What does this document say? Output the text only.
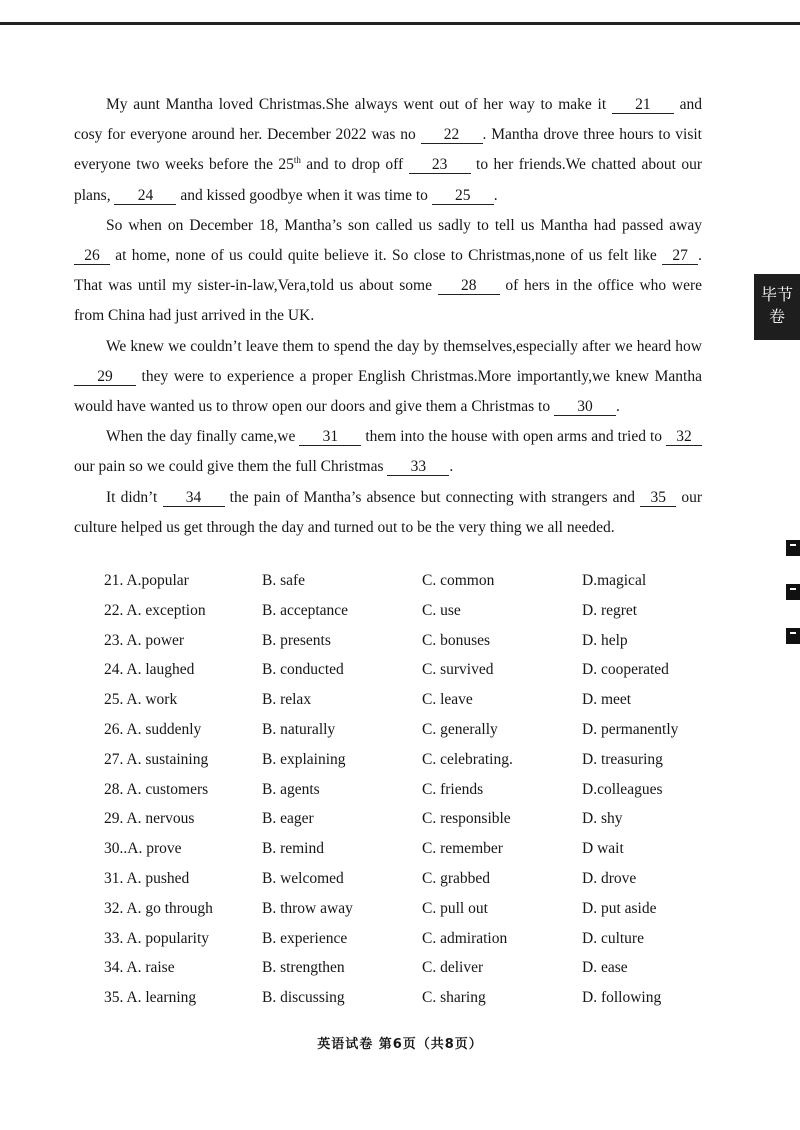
My aunt Mantha loved Christmas.She always went out of her way to make it 21 and cosy for everyone around her. December 2022 was no 22 . Mantha drove three hours to visit everyone two weeks before the 25th and to drop off 23 to her friends.We chatted about our plans, 24 and kissed goodbye when it was time to 25 .

So when on December 18, Mantha’s son called us sadly to tell us Mantha had passed away 26 at home, none of us could quite believe it. So close to Christmas,none of us felt like 27 . That was until my sister-in-law,Vera,told us about some 28 of hers in the office who were from China had just arrived in the UK.

We knew we couldn’t leave them to spend the day by themselves,especially after we heard how 29 they were to experience a proper English Christmas.More importantly,we knew Mantha would have wanted us to throw open our doors and give them a Christmas to 30 .

When the day finally came,we 31 them into the house with open arms and tried to 32 our pain so we could give them the full Christmas 33 .

It didn’t 34 the pain of Mantha’s absence but connecting with strangers and 35 our culture helped us get through the day and turned out to be the very thing we all needed.

21. A.popular	B. safe	C. common	D.magical
22. A. exception	B. acceptance	C. use	D. regret
23. A. power	B. presents	C. bonuses	D. help
24. A. laughed	B. conducted	C. survived	D. cooperated
25. A. work	B. relax	C. leave	D. meet
26. A. suddenly	B. naturally	C. generally	D. permanently
27. A. sustaining	B. explaining	C. celebrating.	D. treasuring
28. A. customers	B. agents	C. friends	D.colleagues
29. A. nervous	B. eager	C. responsible	D. shy
30..A. prove	B. remind	C. remember	D wait
31. A. pushed	B. welcomed	C. grabbed	D. drove
32. A. go through	B. throw away	C. pull out	D. put aside
33. A. popularity	B. experience	C. admiration	D. culture
34. A. raise	B. strengthen	C. deliver	D. ease
35. A. learning	B. discussing	C. sharing	D. following
英语试卷 第6页（共8页）
毕节
卷
